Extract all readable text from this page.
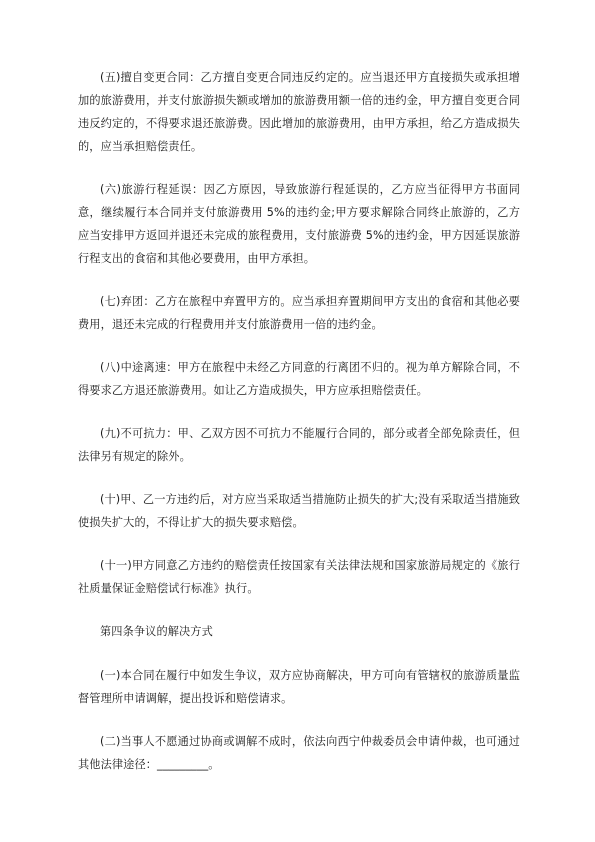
(五)擅自变更合同：乙方擅自变更合同违反约定的。应当退还甲方直接损失或承担增加的旅游费用，并支付旅游损失额或增加的旅游费用额一倍的违约金，甲方擅自变更合同违反约定的，不得要求退还旅游费。因此增加的旅游费用，由甲方承担，给乙方造成损失的，应当承担赔偿责任。

(六)旅游行程延误：因乙方原因，导致旅游行程延误的，乙方应当征得甲方书面同意，继续履行本合同并支付旅游费用 5%的违约金;甲方要求解除合同终止旅游的，乙方应当安排甲方返回并退还未完成的旅程费用，支付旅游费 5%的违约金，甲方因延误旅游行程支出的食宿和其他必要费用，由甲方承担。

(七)弃团：乙方在旅程中弃置甲方的。应当承担弃置期间甲方支出的食宿和其他必要费用，退还未完成的行程费用并支付旅游费用一倍的违约金。

(八)中途离速：甲方在旅程中未经乙方同意的行离团不归的。视为单方解除合同，不得要求乙方退还旅游费用。如让乙方造成损失，甲方应承担赔偿责任。

(九)不可抗力：甲、乙双方因不可抗力不能履行合同的，部分或者全部免除责任，但法律另有规定的除外。

(十)甲、乙一方违约后，对方应当采取适当措施防止损失的扩大;没有采取适当措施致使损失扩大的，不得让扩大的损失要求赔偿。

(十一)甲方同意乙方违约的赔偿责任按国家有关法律法规和国家旅游局规定的《旅行社质量保证金赔偿试行标准》执行。

第四条争议的解决方式

(一)本合同在履行中如发生争议，双方应协商解决，甲方可向有管辖权的旅游质量监督管理所申请调解，提出投诉和赔偿请求。

(二)当事人不愿通过协商或调解不成时，依法向西宁仲裁委员会申请仲裁，也可通过其他法律途径：_________。
